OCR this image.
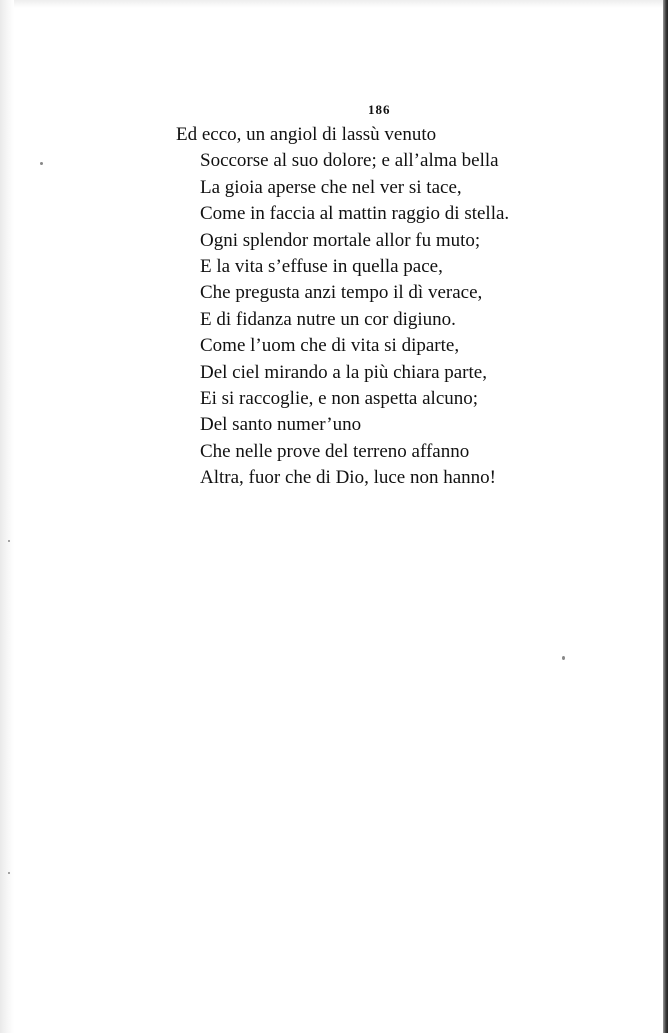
186
Ed ecco, un angiol di lassù venuto
Soccorse al suo dolore; e all’alma bella
La gioia aperse che nel ver si tace,
Come in faccia al mattin raggio di stella.
Ogni splendor mortale allor fu muto;
E la vita s’effuse in quella pace,
Che pregusta anzi tempo il dì verace,
E di fidanza nutre un cor digiuno.
Come l’uom che di vita si diparte,
Del ciel mirando a la più chiara parte,
Ei si raccoglie, e non aspetta alcuno;
Del santo numer’uno
Che nelle prove del terreno affanno
Altra, fuor che di Dio, luce non hanno!
